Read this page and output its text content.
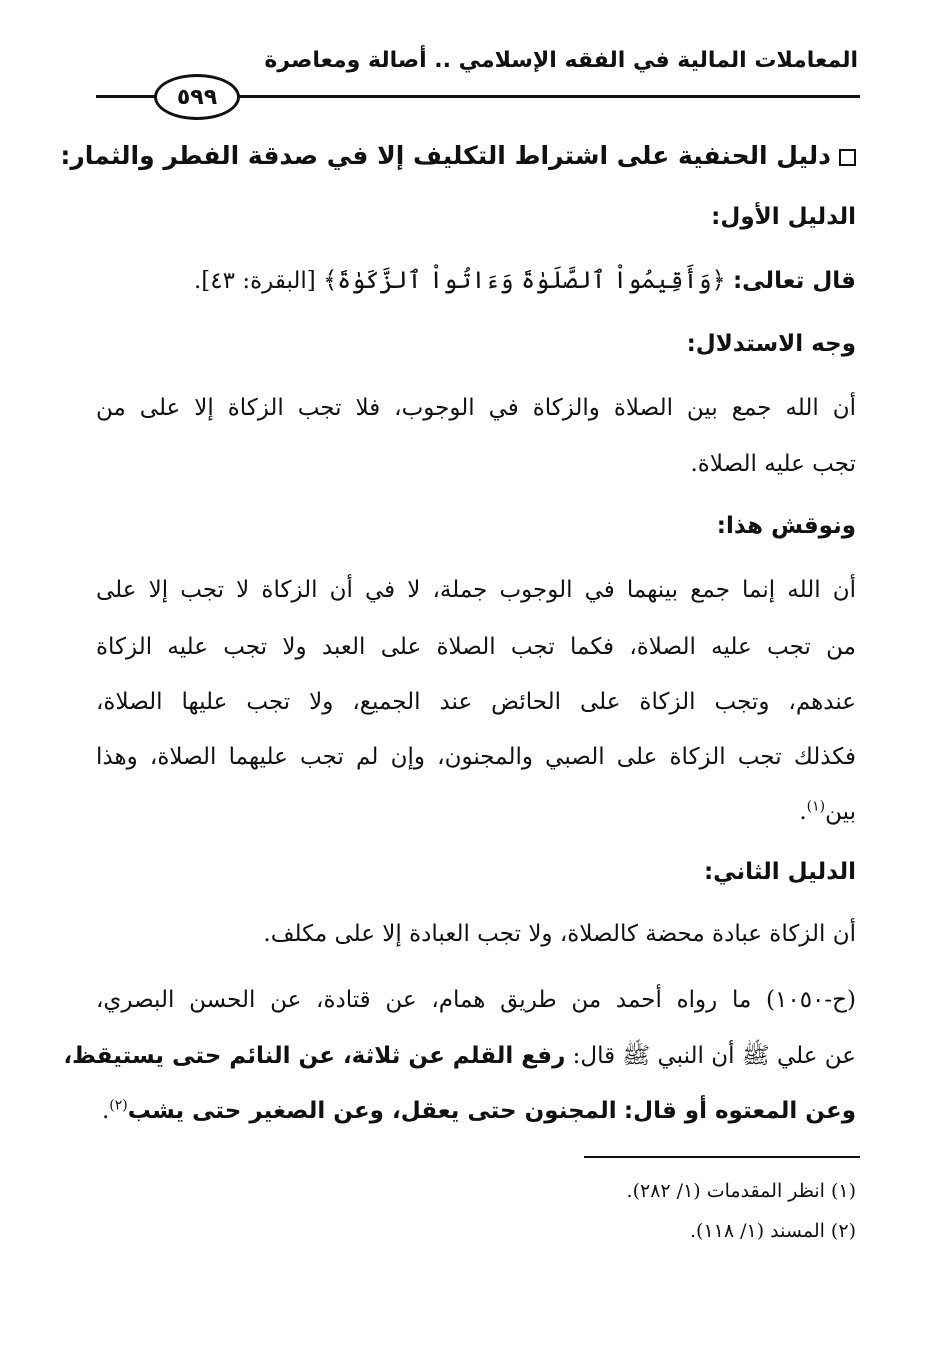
المعاملات المالية في الفقه الإسلامي .. أصالة ومعاصرة
٥٩٩
دليل الحنفية على اشتراط التكليف إلا في صدقة الفطر والثمار:
الدليل الأول:
قال تعالى: ﴿وَأَقِيمُواْ ٱلصَّلَوٰةَ وَءَاتُواْ ٱلزَّكَوٰةَ﴾ [البقرة: ٤٣].
وجه الاستدلال:
أن الله جمع بين الصلاة والزكاة في الوجوب، فلا تجب الزكاة إلا على من
تجب عليه الصلاة.
ونوقش هذا:
أن الله إنما جمع بينهما في الوجوب جملة، لا في أن الزكاة لا تجب إلا على
من تجب عليه الصلاة، فكما تجب الصلاة على العبد ولا تجب عليه الزكاة
عندهم، وتجب الزكاة على الحائض عند الجميع، ولا تجب عليها الصلاة،
فكذلك تجب الزكاة على الصبي والمجنون، وإن لم تجب عليهما الصلاة، وهذا
بين$^{(١)}$.
الدليل الثاني:
أن الزكاة عبادة محضة كالصلاة، ولا تجب العبادة إلا على مكلف.
(ح-١٠٥٠) ما رواه أحمد من طريق همام، عن قتادة، عن الحسن البصري،
عن علي ﷺ أن النبي ﷺ قال: رفع القلم عن ثلاثة، عن النائم حتى يستيقظ،
وعن المعتوه أو قال: المجنون حتى يعقل، وعن الصغير حتى يشب$^{(٢)}$.
(١) انظر المقدمات (١/ ٢٨٢).
(٢) المسند (١/ ١١٨).
